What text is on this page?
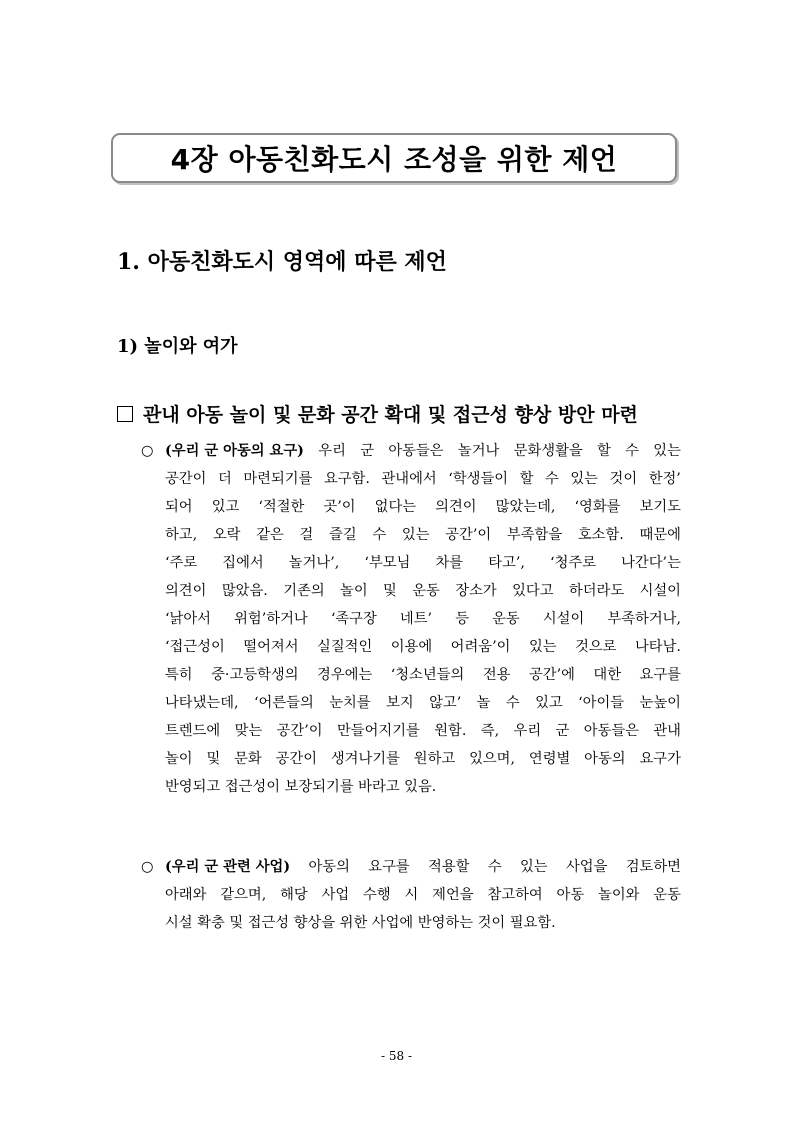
4장 아동친화도시 조성을 위한 제언
1. 아동친화도시 영역에 따른 제언
1) 놀이와 여가
관내 아동 놀이 및 문화 공간 확대 및 접근성 향상 방안 마련
○ (우리 군 아동의 요구) 우리 군 아동들은 놀거나 문화생활을 할 수 있는
공간이 더 마련되기를 요구함. 관내에서 ‘학생들이 할 수 있는 것이 한정’
되어 있고 ‘적절한 곳’이 없다는 의견이 많았는데, ‘영화를 보기도
하고, 오락 같은 걸 즐길 수 있는 공간’이 부족함을 호소함. 때문에
‘주로 집에서 놀거나’, ‘부모님 차를 타고’, ‘청주로 나간다’는
의견이 많았음. 기존의 놀이 및 운동 장소가 있다고 하더라도 시설이
‘낡아서 위험’하거나 ‘족구장 네트’ 등 운동 시설이 부족하거나,
‘접근성이 떨어져서 실질적인 이용에 어려움’이 있는 것으로 나타남.
특히 중·고등학생의 경우에는 ‘청소년들의 전용 공간’에 대한 요구를
나타냈는데, ‘어른들의 눈치를 보지 않고’ 놀 수 있고 ‘아이들 눈높이
트렌드에 맞는 공간’이 만들어지기를 원함. 즉, 우리 군 아동들은 관내
놀이 및 문화 공간이 생겨나기를 원하고 있으며, 연령별 아동의 요구가
반영되고 접근성이 보장되기를 바라고 있음.
○ (우리 군 관련 사업) 아동의 요구를 적용할 수 있는 사업을 검토하면
아래와 같으며, 해당 사업 수행 시 제언을 참고하여 아동 놀이와 운동
시설 확충 및 접근성 향상을 위한 사업에 반영하는 것이 필요함.
- 58 -
